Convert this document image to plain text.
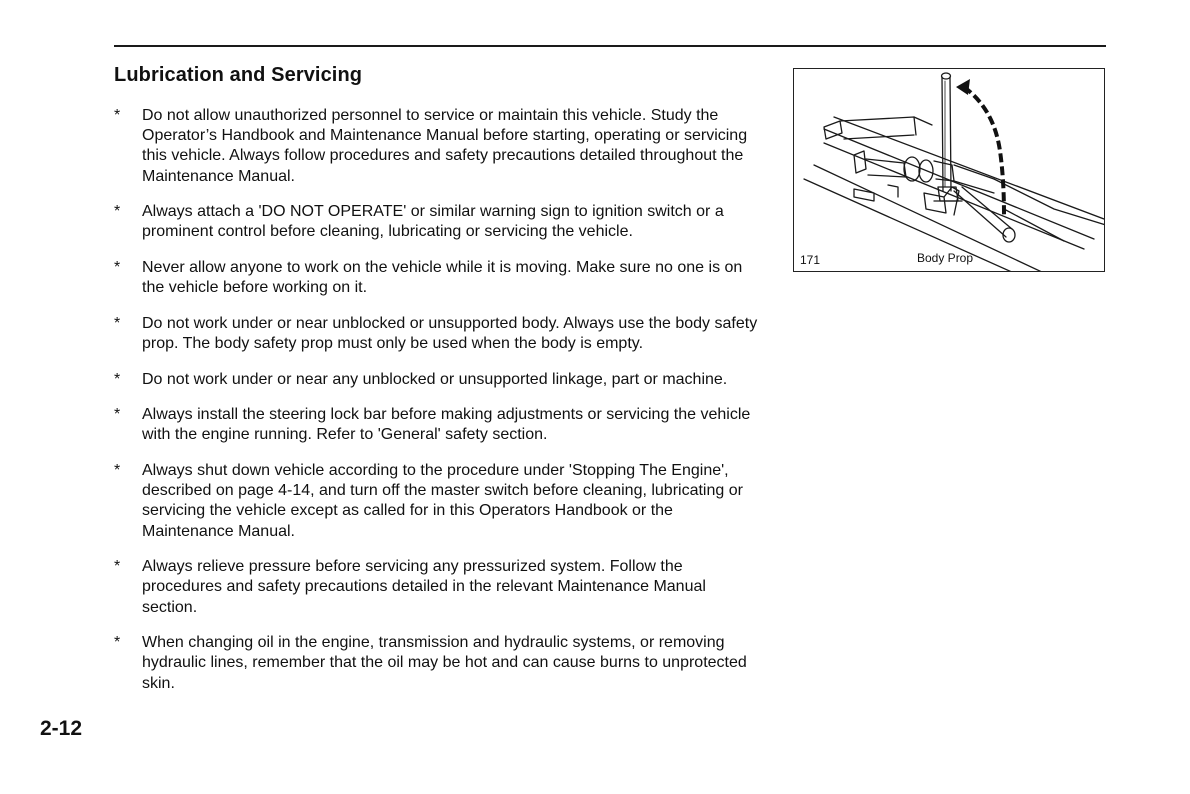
Lubrication and Servicing
* Do not allow unauthorized personnel to service or maintain this vehicle. Study the Operator’s Handbook and Maintenance Manual before starting, operating or servicing this vehicle. Always follow procedures and safety precautions detailed throughout the Maintenance Manual.
* Always attach a 'DO NOT OPERATE' or similar warning sign to ignition switch or a prominent control before cleaning, lubricating or servicing the vehicle.
* Never allow anyone to work on the vehicle while it is moving. Make sure no one is on the vehicle before working on it.
* Do not work under or near unblocked or unsupported body. Always use the body safety prop. The body safety prop must only be used when the body is empty.
* Do not work under or near any unblocked or unsupported linkage, part or machine.
* Always install the steering lock bar before making adjustments or servicing the vehicle with the engine running. Refer to 'General' safety section.
* Always shut down vehicle according to the procedure under 'Stopping The Engine', described on page 4-14, and turn off the master switch before cleaning, lubricating or servicing the vehicle except as called for in this Operators Handbook or the Maintenance Manual.
* Always relieve pressure before servicing any pressurized system. Follow the procedures and safety precautions detailed in the relevant Maintenance Manual section.
* When changing oil in the engine, transmission and hydraulic systems, or removing hydraulic lines, remember that the oil may be hot and can cause burns to unprotected skin.
2-12
171	Body Prop
